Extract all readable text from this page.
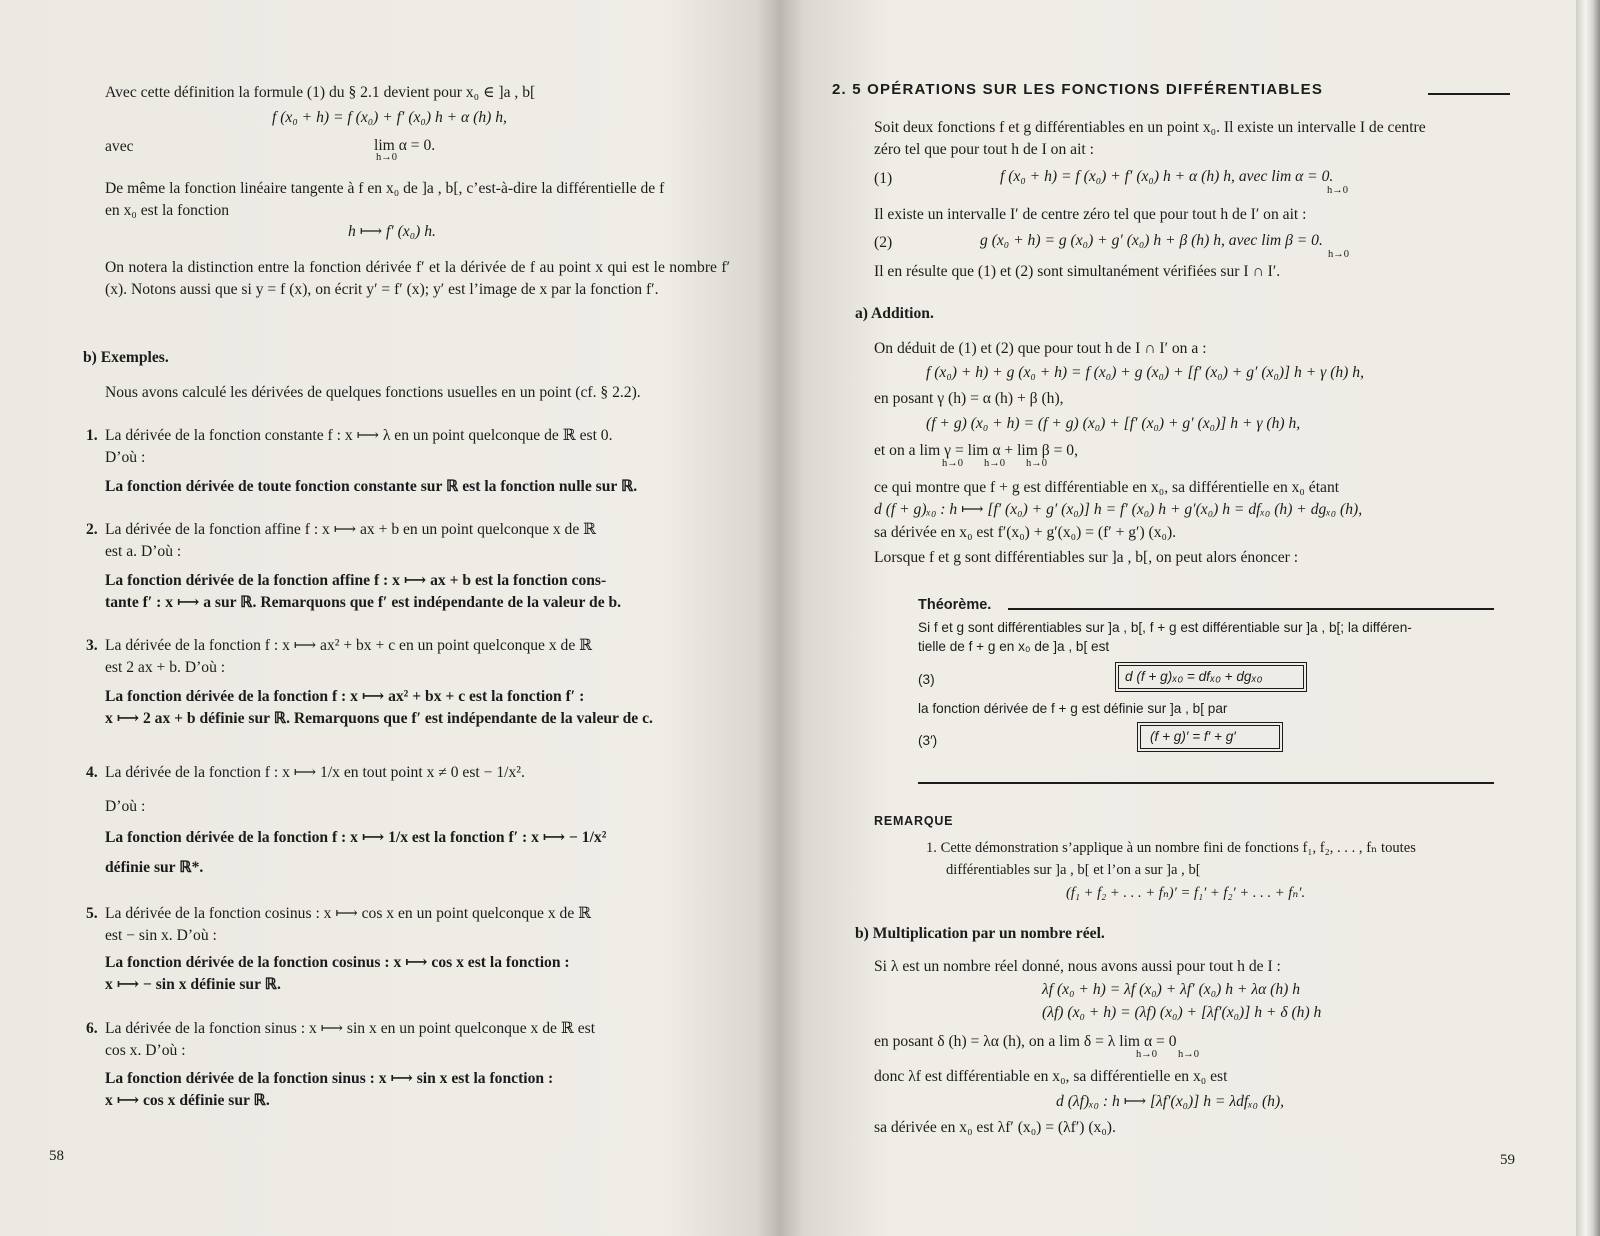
Avec cette définition la formule (1) du § 2.1 devient pour x₀ ∈ ]a , b[
f (x₀ + h) = f (x₀) + f′ (x₀) h + α (h) h,
avec	lim α = 0.
h→0
De même la fonction linéaire tangente à f en x₀ de ]a , b[, c’est-à-dire la différentielle de f
en x₀ est la fonction
h ⟼ f′ (x₀) h.
On notera la distinction entre la fonction dérivée f′ et la dérivée de f au point x qui est le nombre f′ (x). Notons aussi que si y = f (x), on écrit y′ = f′ (x); y′ est l’image de x par la fonction f′.
b) Exemples.
Nous avons calculé les dérivées de quelques fonctions usuelles en un point (cf. § 2.2).
1. La dérivée de la fonction constante f : x ⟼ λ en un point quelconque de ℝ est 0.
D’où :
La fonction dérivée de toute fonction constante sur ℝ est la fonction nulle sur ℝ.
2. La dérivée de la fonction affine f : x ⟼ ax + b en un point quelconque x de ℝ
est a. D’où :
La fonction dérivée de la fonction affine f : x ⟼ ax + b est la fonction cons-
tante f′ : x ⟼ a sur ℝ. Remarquons que f′ est indépendante de la valeur de b.
3. La dérivée de la fonction f : x ⟼ ax² + bx + c en un point quelconque x de ℝ
est 2 ax + b. D’où :
La fonction dérivée de la fonction f : x ⟼ ax² + bx + c est la fonction f′ :
x ⟼ 2 ax + b définie sur ℝ. Remarquons que f′ est indépendante de la valeur de c.
4. La dérivée de la fonction f : x ⟼ 1/x en tout point x ≠ 0 est − 1/x².
D’où :
La fonction dérivée de la fonction f : x ⟼ 1/x est la fonction f′ : x ⟼ − 1/x²
définie sur ℝ*.
5. La dérivée de la fonction cosinus : x ⟼ cos x en un point quelconque x de ℝ
est − sin x. D’où :
La fonction dérivée de la fonction cosinus : x ⟼ cos x est la fonction :
x ⟼ − sin x définie sur ℝ.
6. La dérivée de la fonction sinus : x ⟼ sin x en un point quelconque x de ℝ est
cos x. D’où :
La fonction dérivée de la fonction sinus : x ⟼ sin x est la fonction :
x ⟼ cos x définie sur ℝ.
58
2. 5 OPÉRATIONS SUR LES FONCTIONS DIFFÉRENTIABLES
Soit deux fonctions f et g différentiables en un point x₀. Il existe un intervalle I de centre
zéro tel que pour tout h de I on ait :
(1)	f (x₀ + h) = f (x₀) + f′ (x₀) h + α (h) h, avec lim α = 0.
h→0
Il existe un intervalle I′ de centre zéro tel que pour tout h de I′ on ait :
(2)	g (x₀ + h) = g (x₀) + g′ (x₀) h + β (h) h, avec lim β = 0.
h→0
Il en résulte que (1) et (2) sont simultanément vérifiées sur I ∩ I′.
a) Addition.
On déduit de (1) et (2) que pour tout h de I ∩ I′ on a :
f (x₀) + h) + g (x₀ + h) = f (x₀) + g (x₀) + [f′ (x₀) + g′ (x₀)] h + γ (h) h,
en posant γ (h) = α (h) + β (h),
(f + g) (x₀ + h) = (f + g) (x₀) + [f′ (x₀) + g′ (x₀)] h + γ (h) h,
et on a lim γ = lim α + lim β = 0,
h→0        h→0        h→0
ce qui montre que f + g est différentiable en x₀, sa différentielle en x₀ étant
d (f + g)ₓ₀ : h ⟼ [f′ (x₀) + g′ (x₀)] h = f′ (x₀) h + g′(x₀) h = dfₓ₀ (h) + dgₓ₀ (h),
sa dérivée en x₀ est f′(x₀) + g′(x₀) = (f′ + g′) (x₀).
Lorsque f et g sont différentiables sur ]a , b[, on peut alors énoncer :
Théorème.
Si f et g sont différentiables sur ]a , b[, f + g est différentiable sur ]a , b[; la différen-
tielle de f + g en x₀ de ]a , b[ est
(3)	d (f + g)ₓ₀ = dfₓ₀ + dgₓ₀
la fonction dérivée de f + g est définie sur ]a , b[ par
(3′)	(f + g)′ = f′ + g′
REMARQUE
1. Cette démonstration s’applique à un nombre fini de fonctions f₁, f₂, . . . , fₙ toutes
différentiables sur ]a , b[ et l’on a sur ]a , b[
(f₁ + f₂ + . . . + fₙ)′ = f₁′ + f₂′ + . . . + fₙ′.
b) Multiplication par un nombre réel.
Si λ est un nombre réel donné, nous avons aussi pour tout h de I :
λf (x₀ + h) = λf (x₀) + λf′ (x₀) h + λα (h) h
(λf) (x₀ + h) = (λf) (x₀) + [λf′(x₀)] h + δ (h) h
en posant δ (h) = λα (h), on a lim δ = λ lim α = 0
h→0        h→0
donc λf est différentiable en x₀, sa différentielle en x₀ est
d (λf)ₓ₀ : h ⟼ [λf′(x₀)] h = λdfₓ₀ (h),
sa dérivée en x₀ est λf′ (x₀) = (λf′) (x₀).
59
